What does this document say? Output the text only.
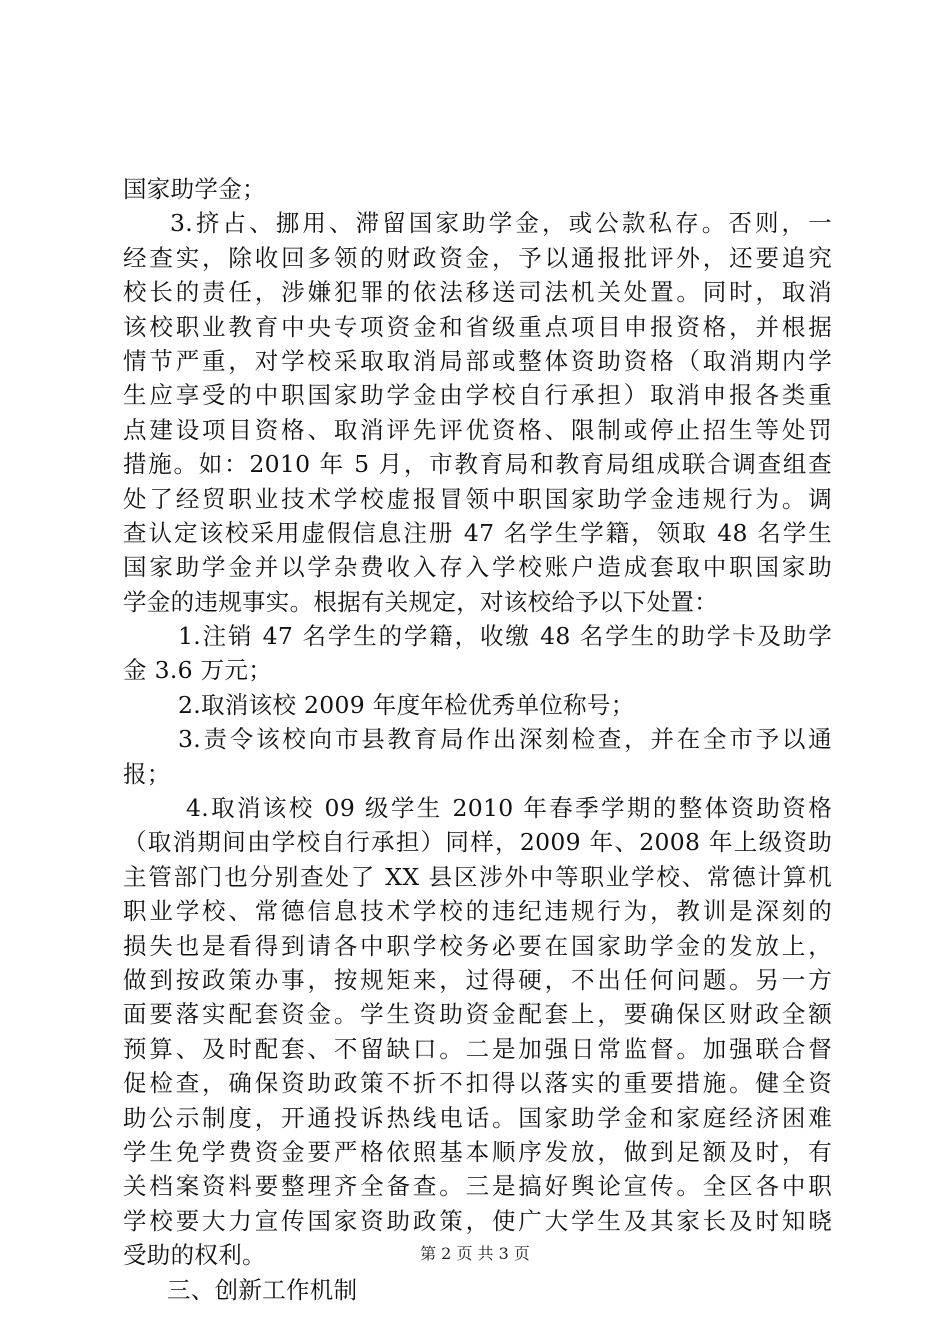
国家助学金；
3.挤占、挪用、滞留国家助学金，或公款私存。否则，一
经查实，除收回多领的财政资金，予以通报批评外，还要追究
校长的责任，涉嫌犯罪的依法移送司法机关处置。同时，取消
该校职业教育中央专项资金和省级重点项目申报资格，并根据
情节严重，对学校采取取消局部或整体资助资格（取消期内学
生应享受的中职国家助学金由学校自行承担）取消申报各类重
点建设项目资格、取消评先评优资格、限制或停止招生等处罚
措施。如：2010 年 5 月，市教育局和教育局组成联合调查组查
处了经贸职业技术学校虚报冒领中职国家助学金违规行为。调
查认定该校采用虚假信息注册 47 名学生学籍，领取 48 名学生
国家助学金并以学杂费收入存入学校账户造成套取中职国家助
学金的违规事实。根据有关规定，对该校给予以下处置：
1.注销 47 名学生的学籍，收缴 48 名学生的助学卡及助学
金 3.6 万元；
2.取消该校 2009 年度年检优秀单位称号；
3.责令该校向市县教育局作出深刻检查，并在全市予以通
报；
4.取消该校 09 级学生 2010 年春季学期的整体资助资格
（取消期间由学校自行承担）同样，2009 年、2008 年上级资助
主管部门也分别查处了 XX 县区涉外中等职业学校、常德计算机
职业学校、常德信息技术学校的违纪违规行为，教训是深刻的
损失也是看得到请各中职学校务必要在国家助学金的发放上，
做到按政策办事，按规矩来，过得硬，不出任何问题。另一方
面要落实配套资金。学生资助资金配套上，要确保区财政全额
预算、及时配套、不留缺口。二是加强日常监督。加强联合督
促检查，确保资助政策不折不扣得以落实的重要措施。健全资
助公示制度，开通投诉热线电话。国家助学金和家庭经济困难
学生免学费资金要严格依照基本顺序发放，做到足额及时，有
关档案资料要整理齐全备查。三是搞好舆论宣传。全区各中职
学校要大力宣传国家资助政策，使广大学生及其家长及时知晓
受助的权利。
三、创新工作机制
第 2 页 共 3 页
